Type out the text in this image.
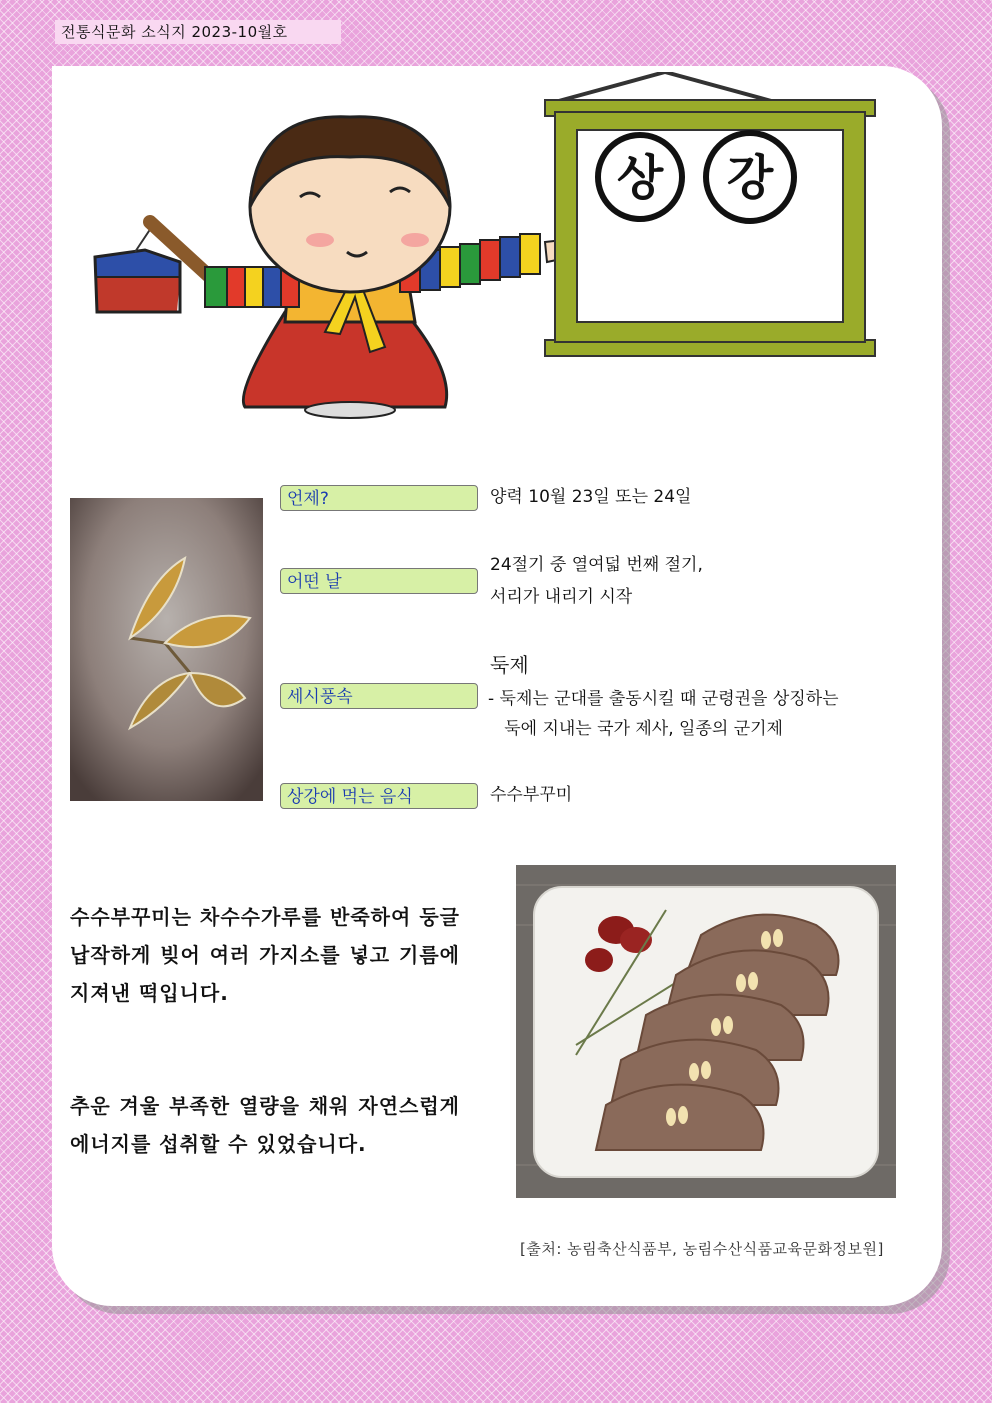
전통식문화 소식지 2023-10월호
상 강
언제?	양력 10월 23일 또는 24일
어떤 날
24절기 중 열여덟 번째 절기,
서리가 내리기 시작
세시풍속
둑제
- 둑제는 군대를 출동시킬 때 군령권을 상징하는
둑에 지내는 국가 제사, 일종의 군기제
상강에 먹는 음식	수수부꾸미
수수부꾸미는 차수수가루를 반죽하여 둥글납작하게 빚어 여러 가지소를 넣고 기름에 지져낸 떡입니다.
추운 겨울 부족한 열량을 채워 자연스럽게 에너지를 섭취할 수 있었습니다.
[출처: 농림축산식품부, 농림수산식품교육문화정보원]
